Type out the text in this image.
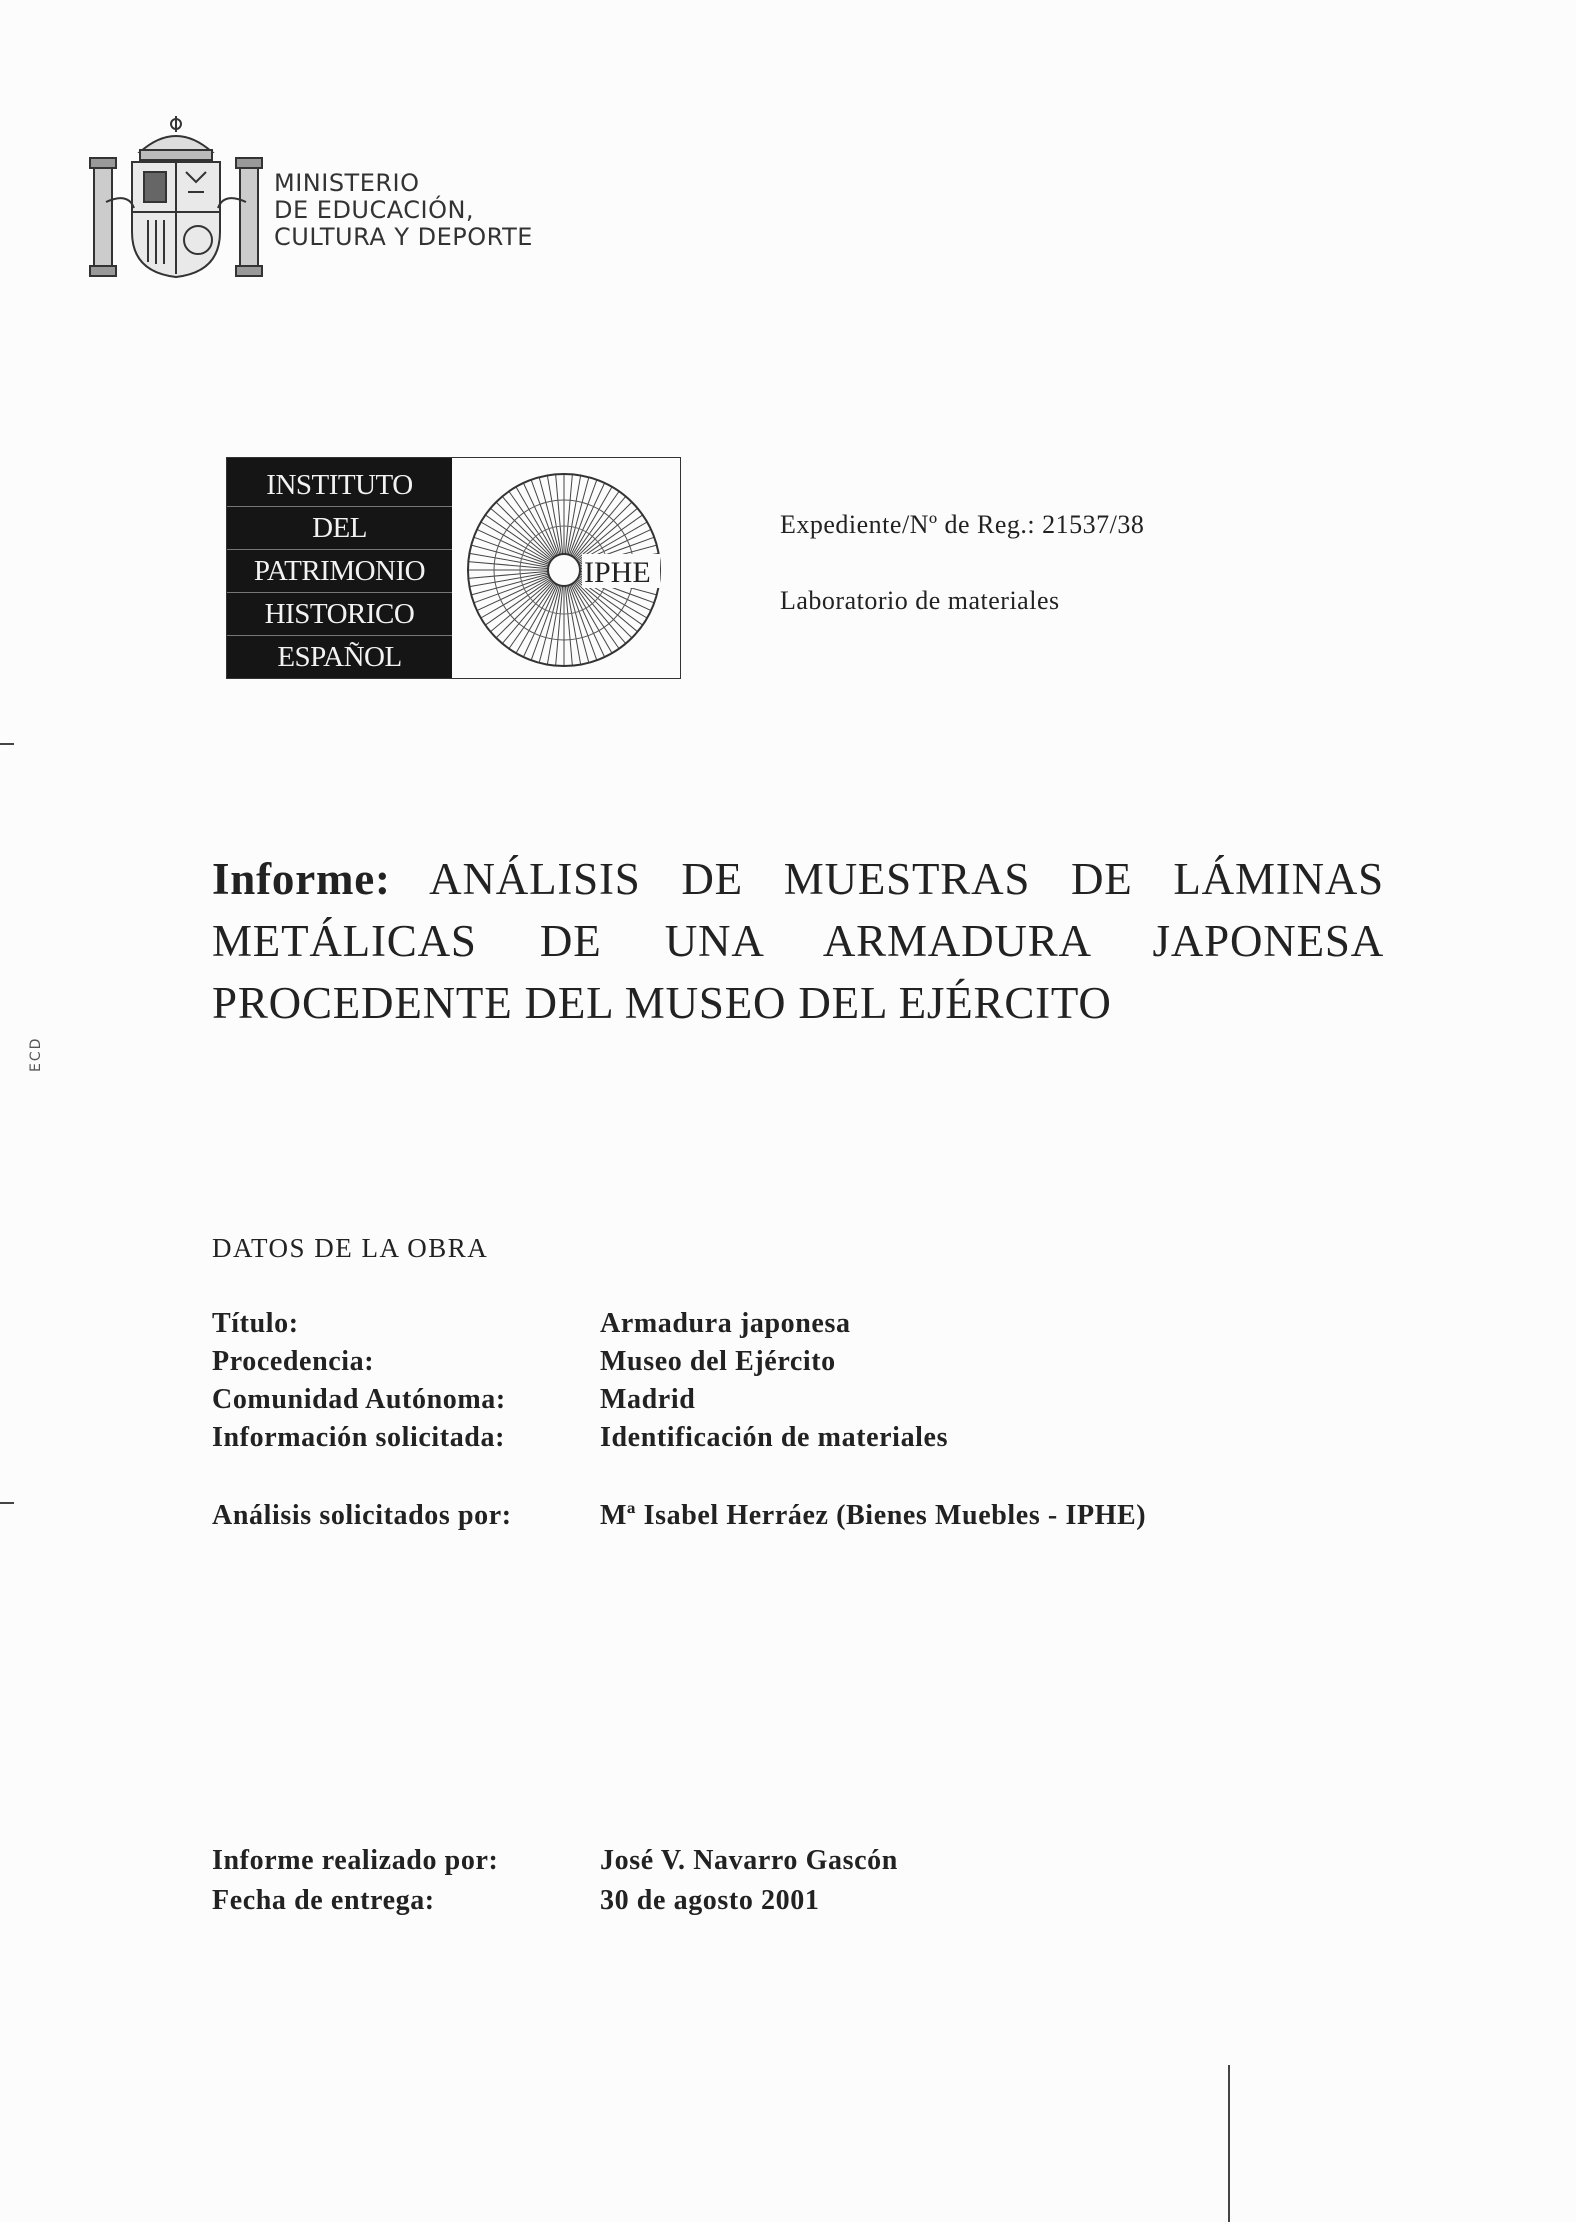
MINISTERIO
DE EDUCACIÓN,
CULTURA Y DEPORTE
INSTITUTO
DEL
PATRIMONIO
HISTORICO
ESPAÑOL
IPHE
Expediente/Nº de Reg.: 21537/38
Laboratorio de materiales
Informe: ANÁLISIS DE MUESTRAS DE LÁMINAS METÁLICAS DE UNA ARMADURA JAPONESA PROCEDENTE DEL MUSEO DEL EJÉRCITO
DATOS DE LA OBRA
Título:	Armadura japonesa
Procedencia:	Museo del Ejército
Comunidad Autónoma:	Madrid
Información solicitada:	Identificación de materiales
Análisis solicitados por:	Mª Isabel Herráez (Bienes Muebles - IPHE)
Informe realizado por:	José V. Navarro Gascón
Fecha de entrega:	30 de agosto 2001
ECD
